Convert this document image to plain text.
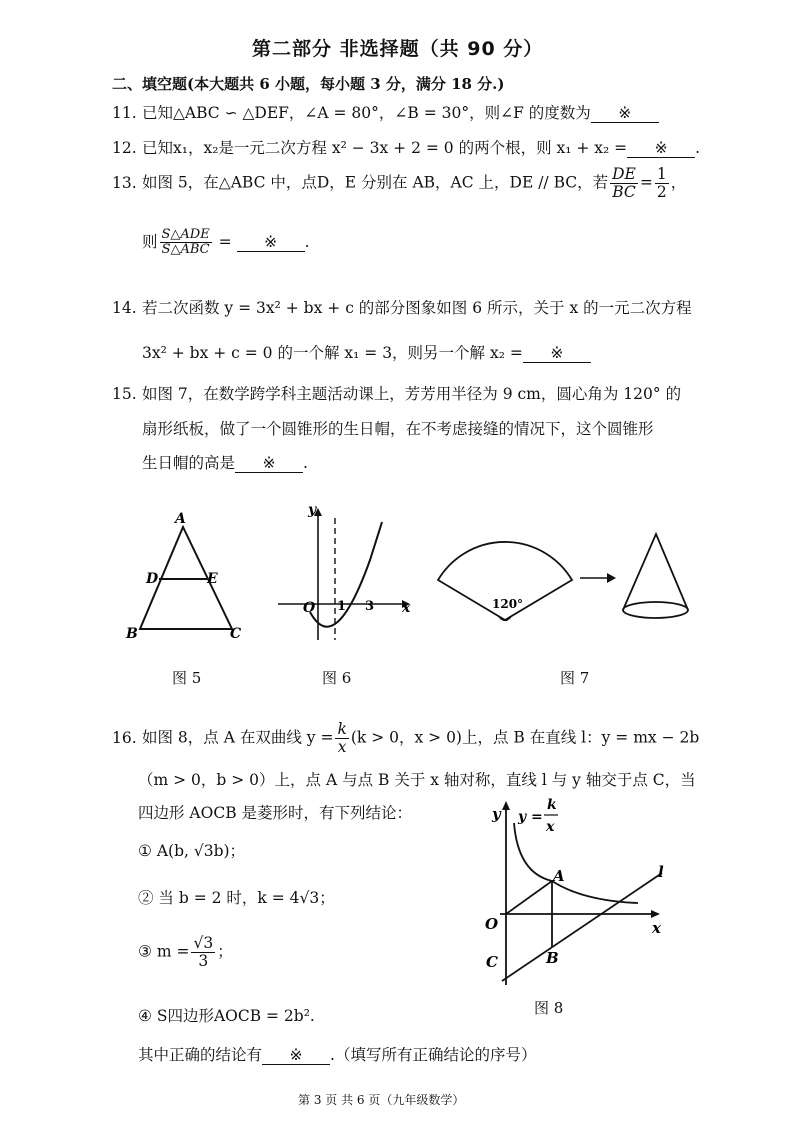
第二部分 非选择题（共 90 分）
二、填空题(本大题共 6 小题，每小题 3 分，满分 18 分.)
11. 已知△ABC ∽ △DEF，∠A = 80°，∠B = 30°，则∠F 的度数为 ※
12. 已知x₁，x₂是一元二次方程 x² − 3x + 2 = 0 的两个根，则 x₁ + x₂ = ※ .
13. 如图 5，在△ABC 中，点D，E 分别在 AB，AC 上，DE // BC，若 $\frac{DE}{BC} = \frac{1}{2}$ ，
则 $\frac{\text{S△ADE}}{\text{S△ABC}}$ = ※ .
14. 若二次函数 y = 3x² + bx + c 的部分图象如图 6 所示，关于 x 的一元二次方程
3x² + bx + c = 0 的一个解 x₁ = 3，则另一个解 x₂ = ※
15. 如图 7，在数学跨学科主题活动课上，芳芳用半径为 9 cm，圆心角为 120° 的
扇形纸板，做了一个圆锥形的生日帽，在不考虑接缝的情况下，这个圆锥形
生日帽的高是 ※ .
A
B	C
D	E
图 5
O 1 3
y
x
图 6
120°
图 7
16. 如图 8，点 A 在双曲线 $y = \frac{k}{x} (k > 0$，x > 0)上，点 B 在直线 l：y = mx − 2b
（m > 0，b > 0）上，点 A 与点 B 关于 x 轴对称，直线 l 与 y 轴交于点 C，当
四边形 AOCB 是菱形时，有下列结论：
① A(b, √3b)；
② 当 b = 2 时，k = 4√3；
③ $m = \frac{√3}{3}$ ；
④ S四边形AOCB = 2b².
其中正确的结论有 ※ .（填写所有正确结论的序号）
y y =
k
x
A
B
C
O	x
l
图 8
第 3 页 共 6 页（九年级数学）
